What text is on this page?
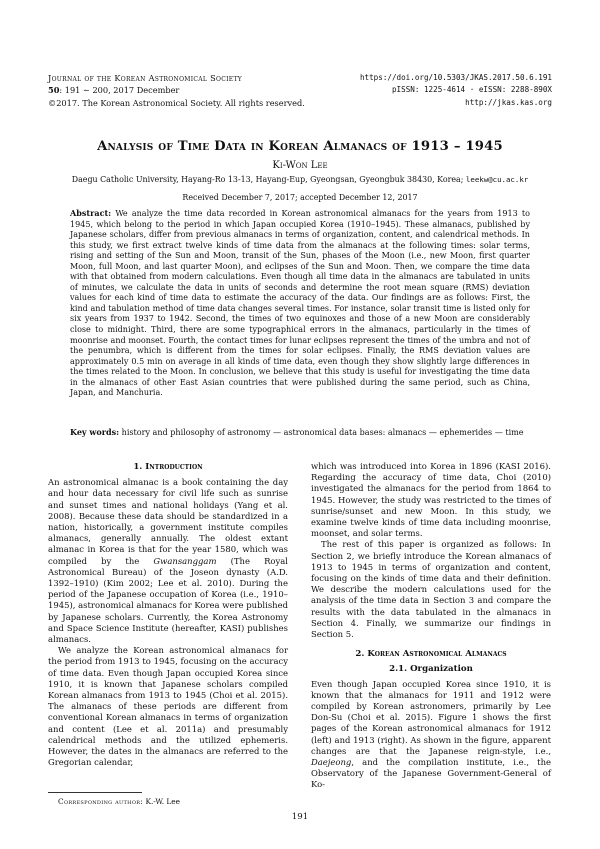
Journal of the Korean Astronomical Society
50: 191 ∼ 200, 2017 December
©2017. The Korean Astronomical Society. All rights reserved.
https://doi.org/10.5303/JKAS.2017.50.6.191
pISSN: 1225-4614 · eISSN: 2288-890X
http://jkas.kas.org
Analysis of Time Data in Korean Almanacs of 1913 – 1945
Ki-Won Lee
Daegu Catholic University, Hayang-Ro 13-13, Hayang-Eup, Gyeongsan, Gyeongbuk 38430, Korea; leekw@cu.ac.kr
Received December 7, 2017; accepted December 12, 2017
Abstract: We analyze the time data recorded in Korean astronomical almanacs for the years from 1913 to 1945, which belong to the period in which Japan occupied Korea (1910–1945). These almanacs, published by Japanese scholars, differ from previous almanacs in terms of organization, content, and calendrical methods. In this study, we first extract twelve kinds of time data from the almanacs at the following times: solar terms, rising and setting of the Sun and Moon, transit of the Sun, phases of the Moon (i.e., new Moon, first quarter Moon, full Moon, and last quarter Moon), and eclipses of the Sun and Moon. Then, we compare the time data with that obtained from modern calculations. Even though all time data in the almanacs are tabulated in units of minutes, we calculate the data in units of seconds and determine the root mean square (RMS) deviation values for each kind of time data to estimate the accuracy of the data. Our findings are as follows: First, the kind and tabulation method of time data changes several times. For instance, solar transit time is listed only for six years from 1937 to 1942. Second, the times of two equinoxes and those of a new Moon are considerably close to midnight. Third, there are some typographical errors in the almanacs, particularly in the times of moonrise and moonset. Fourth, the contact times for lunar eclipses represent the times of the umbra and not of the penumbra, which is different from the times for solar eclipses. Finally, the RMS deviation values are approximately 0.5 min on average in all kinds of time data, even though they show slightly large differences in the times related to the Moon. In conclusion, we believe that this study is useful for investigating the time data in the almanacs of other East Asian countries that were published during the same period, such as China, Japan, and Manchuria.
Key words: history and philosophy of astronomy — astronomical data bases: almanacs — ephemerides — time
1. Introduction

An astronomical almanac is a book containing the day and hour data necessary for civil life such as sunrise and sunset times and national holidays (Yang et al. 2008). Because these data should be standardized in a nation, historically, a government institute compiles almanacs, generally annually. The oldest extant almanac in Korea is that for the year 1580, which was compiled by the Gwansanggam (The Royal Astronomical Bureau) of the Joseon dynasty (A.D. 1392–1910) (Kim 2002; Lee et al. 2010). During the period of the Japanese occupation of Korea (i.e., 1910–1945), astronomical almanacs for Korea were published by Japanese scholars. Currently, the Korea Astronomy and Space Science Institute (hereafter, KASI) publishes almanacs.

We analyze the Korean astronomical almanacs for the period from 1913 to 1945, focusing on the accuracy of time data. Even though Japan occupied Korea since 1910, it is known that Japanese scholars compiled Korean almanacs from 1913 to 1945 (Choi et al. 2015). The almanacs of these periods are different from conventional Korean almanacs in terms of organization and content (Lee et al. 2011a) and presumably calendrical methods and the utilized ephemeris. However, the dates in the almanacs are referred to the Gregorian calendar,

which was introduced into Korea in 1896 (KASI 2016). Regarding the accuracy of time data, Choi (2010) investigated the almanacs for the period from 1864 to 1945. However, the study was restricted to the times of sunrise/sunset and new Moon. In this study, we examine twelve kinds of time data including moonrise, moonset, and solar terms.

The rest of this paper is organized as follows: In Section 2, we briefly introduce the Korean almanacs of 1913 to 1945 in terms of organization and content, focusing on the kinds of time data and their definition. We describe the modern calculations used for the analysis of the time data in Section 3 and compare the results with the data tabulated in the almanacs in Section 4. Finally, we summarize our findings in Section 5.

2. Korean Astronomical Almanacs
2.1. Organization

Even though Japan occupied Korea since 1910, it is known that the almanacs for 1911 and 1912 were compiled by Korean astronomers, primarily by Lee Don-Su (Choi et al. 2015). Figure 1 shows the first pages of the Korean astronomical almanacs for 1912 (left) and 1913 (right). As shown in the figure, apparent changes are that the Japanese reign-style, i.e., Daejeong, and the compilation institute, i.e., the Observatory of the Japanese Government-General of Ko-

Corresponding author: K.-W. Lee
191
